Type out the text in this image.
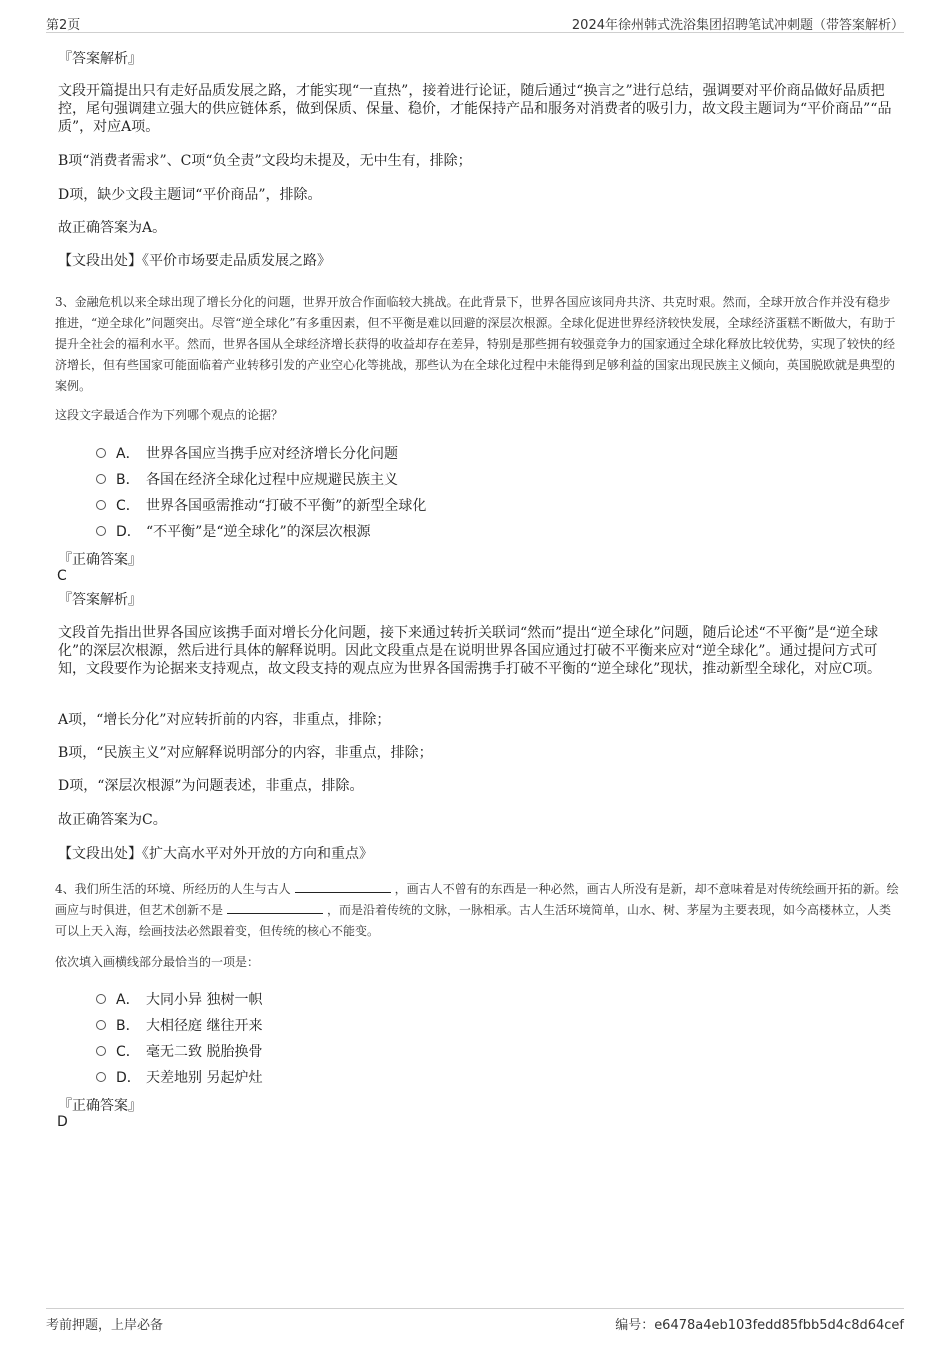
第2页	2024年徐州韩式洗浴集团招聘笔试冲刺题（带答案解析）
『答案解析』
文段开篇提出只有走好品质发展之路，才能实现“一直热”，接着进行论证，随后通过“换言之”进行总结，强调要对平价商品做好品质把控，尾句强调建立强大的供应链体系，做到保质、保量、稳价，才能保持产品和服务对消费者的吸引力，故文段主题词为“平价商品”“品质”，对应A项。
B项“消费者需求”、C项“负全责”文段均未提及，无中生有，排除；
D项，缺少文段主题词“平价商品”，排除。
故正确答案为A。
【文段出处】《平价市场要走品质发展之路》
3、金融危机以来全球出现了增长分化的问题，世界开放合作面临较大挑战。在此背景下，世界各国应该同舟共济、共克时艰。然而，全球开放合作并没有稳步推进，“逆全球化”问题突出。尽管“逆全球化”有多重因素，但不平衡是难以回避的深层次根源。全球化促进世界经济较快发展，全球经济蛋糕不断做大，有助于提升全社会的福利水平。然而，世界各国从全球经济增长获得的收益却存在差异，特别是那些拥有较强竞争力的国家通过全球化释放比较优势，实现了较快的经济增长，但有些国家可能面临着产业转移引发的产业空心化等挑战，那些认为在全球化过程中未能得到足够利益的国家出现民族主义倾向，英国脱欧就是典型的案例。
这段文字最适合作为下列哪个观点的论据？
A． 世界各国应当携手应对经济增长分化问题
B． 各国在经济全球化过程中应规避民族主义
C． 世界各国亟需推动“打破不平衡”的新型全球化
D． “不平衡”是“逆全球化”的深层次根源
『正确答案』
C
『答案解析』
文段首先指出世界各国应该携手面对增长分化问题，接下来通过转折关联词“然而”提出“逆全球化”问题，随后论述“不平衡”是“逆全球化”的深层次根源，然后进行具体的解释说明。因此文段重点是在说明世界各国应通过打破不平衡来应对“逆全球化”。通过提问方式可知，文段要作为论据来支持观点，故文段支持的观点应为世界各国需携手打破不平衡的“逆全球化”现状，推动新型全球化，对应C项。
A项，“增长分化”对应转折前的内容，非重点，排除；
B项，“民族主义”对应解释说明部分的内容，非重点，排除；
D项，“深层次根源”为问题表述，非重点，排除。
故正确答案为C。
【文段出处】《扩大高水平对外开放的方向和重点》
4、我们所生活的环境、所经历的人生与古人	，画古人不曾有的东西是一种必然，画古人所没有是新，却不意味着是对传统绘画开拓的新。绘画应与时俱进，但艺术创新不是	，而是沿着传统的文脉，一脉相承。古人生活环境简单，山水、树、茅屋为主要表现，如今高楼林立，人类可以上天入海，绘画技法必然跟着变，但传统的核心不能变。
依次填入画横线部分最恰当的一项是：
A． 大同小异 独树一帜
B． 大相径庭 继往开来
C． 毫无二致 脱胎换骨
D． 天差地别 另起炉灶
『正确答案』
D
考前押题，上岸必备	编号：e6478a4eb103fedd85fbb5d4c8d64cef
